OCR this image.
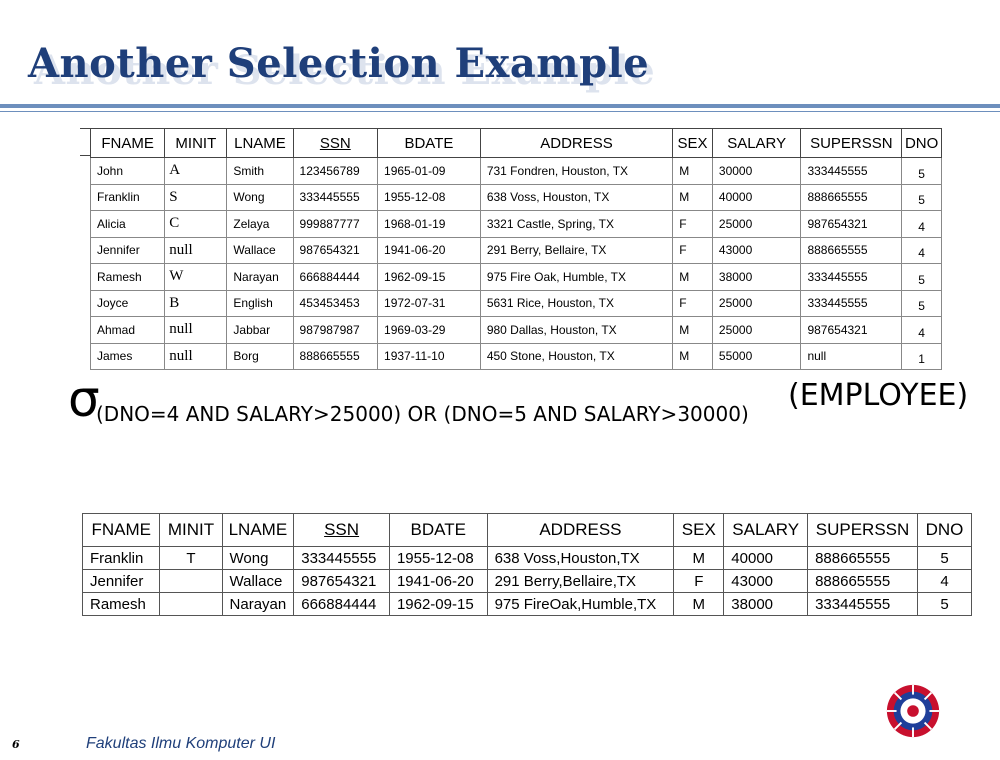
Another Selection Example
FNAME	MINIT	LNAME	SSN	BDATE	ADDRESS	SEX	SALARY	SUPERSSN	DNO
John	A	Smith	123456789	1965-01-09	731 Fondren, Houston, TX	M	30000	333445555	5
Franklin	S	Wong	333445555	1955-12-08	638 Voss, Houston, TX	M	40000	888665555	5
Alicia	C	Zelaya	999887777	1968-01-19	3321 Castle, Spring, TX	F	25000	987654321	4
Jennifer	null	Wallace	987654321	1941-06-20	291 Berry, Bellaire, TX	F	43000	888665555	4
Ramesh	W	Narayan	666884444	1962-09-15	975 Fire Oak, Humble, TX	M	38000	333445555	5
Joyce	B	English	453453453	1972-07-31	5631 Rice, Houston, TX	F	25000	333445555	5
Ahmad	null	Jabbar	987987987	1969-03-29	980 Dallas, Houston, TX	M	25000	987654321	4
James	null	Borg	888665555	1937-11-10	450 Stone, Houston, TX	M	55000	null	1
σ
(DNO=4 AND SALARY>25000) OR (DNO=5 AND SALARY>30000)
(EMPLOYEE)
FNAME	MINIT	LNAME	SSN	BDATE	ADDRESS	SEX	SALARY	SUPERSSN	DNO
Franklin	T	Wong	333445555	1955-12-08	638 Voss,Houston,TX	M	40000	888665555	5
Jennifer		Wallace	987654321	1941-06-20	291 Berry,Bellaire,TX	F	43000	888665555	4
Ramesh		Narayan	666884444	1962-09-15	975 FireOak,Humble,TX	M	38000	333445555	5
6	Fakultas Ilmu Komputer UI
